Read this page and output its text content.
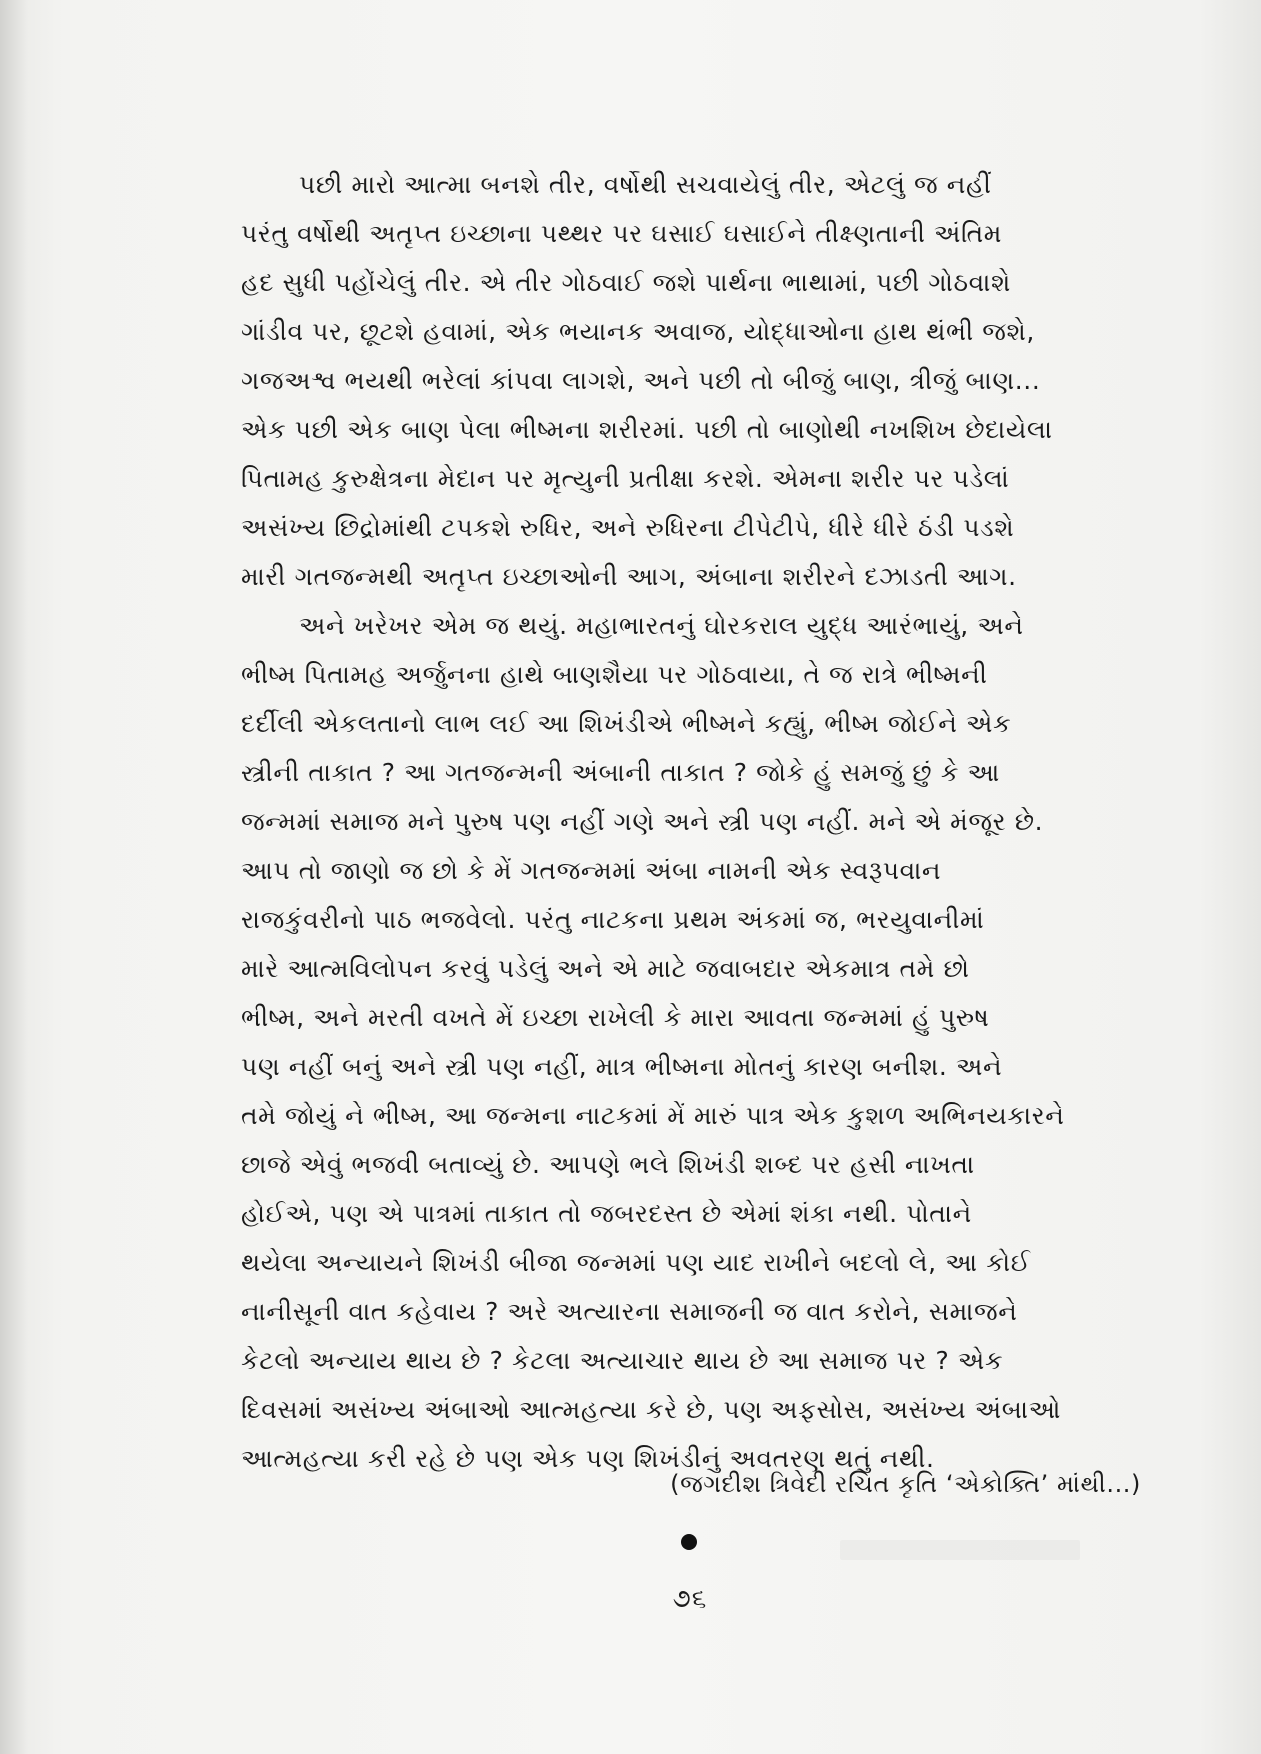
પછી મારો આત્મા બનશે તીર, વર્ષોથી સચવાયેલું તીર, એટલું જ નહીં
પરંતુ વર્ષોથી અતૃપ્ત ઇચ્છાના પથ્થર પર ઘસાઈ ઘસાઈને તીક્ષ્ણતાની અંતિમ
હદ સુધી પહોંચેલું તીર. એ તીર ગોઠવાઈ જશે પાર્થના ભાથામાં, પછી ગોઠવાશે
ગાંડીવ પર, છૂટશે હવામાં, એક ભયાનક અવાજ, યોદ્ધાઓના હાથ થંભી જશે,
ગજઅશ્વ ભયથી ભરેલાં કાંપવા લાગશે, અને પછી તો બીજું બાણ, ત્રીજું બાણ...
એક પછી એક બાણ પેલા ભીષ્મના શરીરમાં. પછી તો બાણોથી નખશિખ છેદાયેલા
પિતામહ કુરુક્ષેત્રના મેદાન પર મૃત્યુની પ્રતીક્ષા કરશે. એમના શરીર પર પડેલાં
અસંખ્ય છિદ્રોમાંથી ટપકશે રુધિર, અને રુધિરના ટીપેટીપે, ધીરે ધીરે ઠંડી પડશે
મારી ગતજન્મથી અતૃપ્ત ઇચ્છાઓની આગ, અંબાના શરીરને દઝાડતી આગ.
અને ખરેખર એમ જ થયું. મહાભારતનું ઘોરકરાલ યુદ્ધ આરંભાયું, અને
ભીષ્મ પિતામહ અર્જુનના હાથે બાણશૈયા પર ગોઠવાયા, તે જ રાત્રે ભીષ્મની
દર્દીલી એકલતાનો લાભ લઈ આ શિખંડીએ ભીષ્મને કહ્યું, ભીષ્મ જોઈને એક
સ્ત્રીની તાકાત ? આ ગતજન્મની અંબાની તાકાત ? જોકે હું સમજું છું કે આ
જન્મમાં સમાજ મને પુરુષ પણ નહીં ગણે અને સ્ત્રી પણ નહીં. મને એ મંજૂર છે.
આપ તો જાણો જ છો કે મેં ગતજન્મમાં અંબા નામની એક સ્વરૂપવાન
રાજકુંવરીનો પાઠ ભજવેલો. પરંતુ નાટકના પ્રથમ અંકમાં જ, ભરયુવાનીમાં
મારે આત્મવિલોપન કરવું પડેલું અને એ માટે જવાબદાર એકમાત્ર તમે છો
ભીષ્મ, અને મરતી વખતે મેં ઇચ્છા રાખેલી કે મારા આવતા જન્મમાં હું પુરુષ
પણ નહીં બનું અને સ્ત્રી પણ નહીં, માત્ર ભીષ્મના મોતનું કારણ બનીશ. અને
તમે જોયું ને ભીષ્મ, આ જન્મના નાટકમાં મેં મારું પાત્ર એક કુશળ અભિનયકારને
છાજે એવું ભજવી બતાવ્યું છે. આપણે ભલે શિખંડી શબ્દ પર હસી નાખતા
હોઈએ, પણ એ પાત્રમાં તાકાત તો જબરદસ્ત છે એમાં શંકા નથી. પોતાને
થયેલા અન્યાયને શિખંડી બીજા જન્મમાં પણ યાદ રાખીને બદલો લે, આ કોઈ
નાનીસૂની વાત કહેવાય ? અરે અત્યારના સમાજની જ વાત કરોને, સમાજને
કેટલો અન્યાય થાય છે ? કેટલા અત્યાચાર થાય છે આ સમાજ પર ? એક
દિવસમાં અસંખ્ય અંબાઓ આત્મહત્યા કરે છે, પણ અફસોસ, અસંખ્ય અંબાઓ
આત્મહત્યા કરી રહે છે પણ એક પણ શિખંડીનું અવતરણ થતું નથી.
(જગદીશ ત્રિવેદી રચિત કૃતિ ‘એકોક્તિ’ માંથી...)
૭૬
